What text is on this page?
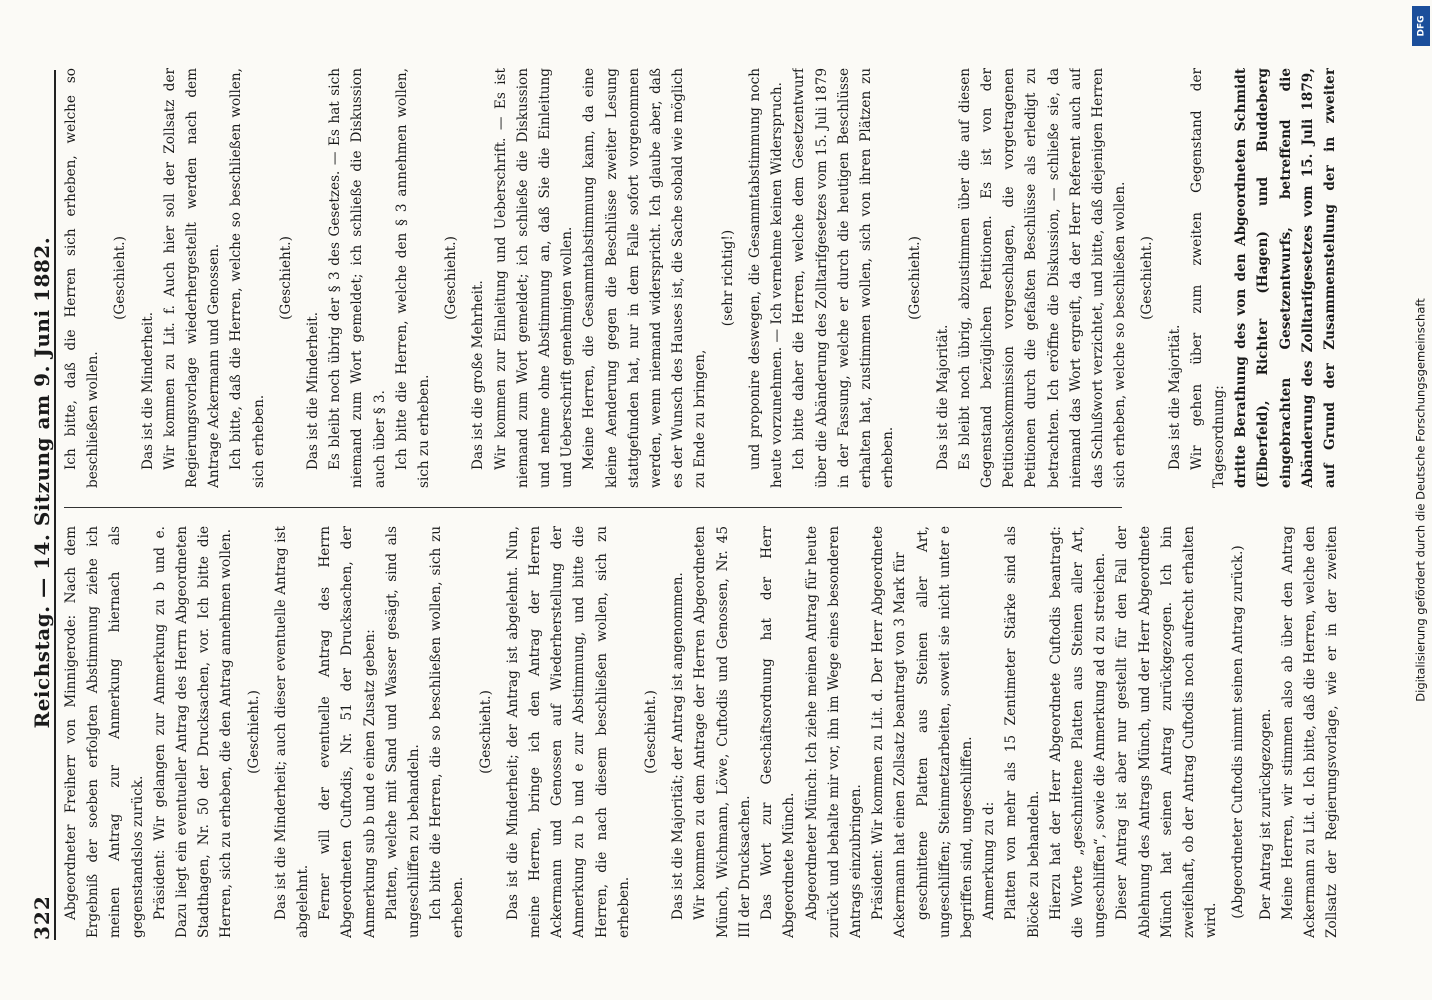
322
Reichstag. — 14. Sitzung am 9. Juni 1882. Abgeordneter Freiherr von Minnigerode: Nach dem Ergebniß der soeben erfolgten Abstimmung ziehe ich meinen Antrag zur Anmerkung hiernach als gegenstandslos zurück. Präsident: Wir gelangen zur Anmerkung zu b und e. Dazu liegt ein eventueller Antrag des Herrn Abgeordneten Stadthagen, Nr. 50 der Drucksachen, vor. Ich bitte die Herren, sich zu erheben, die den Antrag annehmen wollen. (Geschieht.) Das ist die Minderheit; auch dieser eventuelle Antrag ist abgelehnt. Ferner will der eventuelle Antrag des Herrn Abgeordneten Cuftodis, Nr. 51 der Drucksachen, der Anmerkung sub b und e einen Zusatz geben: Platten, welche mit Sand und Wasser gesägt, sind als ungeschliffen zu behandeln. Ich bitte die Herren, die so beschließen wollen, sich zu erheben.

(Geschieht.) Das ist die Minderheit; der Antrag ist abgelehnt. Nun, meine Herren, bringe ich den Antrag der Herren Ackermann und Genossen auf Wiederherstellung der Anmerkung zu b und e zur Abstimmung, und bitte die Herren, die nach diesem beschließen wollen, sich zu erheben.

(Geschieht.) Das ist die Majorität; der Antrag ist angenommen. Wir kommen zu dem Antrage der Herren Abgeordneten Münch, Wichmann, Löwe, Cuftodis und Genossen, Nr. 45 III der Drucksachen. Das Wort zur Geschäftsordnung hat der Herr Abgeordnete Münch. Abgeordneter Münch: Ich ziehe meinen Antrag für heute zurück und behalte mir vor, ihn im Wege eines besonderen Antrags einzubringen. Präsident: Wir kommen zu Lit. d. Der Herr Abgeordnete Ackermann hat einen Zollsatz beantragt von 3 Mark für geschnittene Platten aus Steinen aller Art, ungeschliffen; Steinmetzarbeiten, soweit sie nicht unter e begriffen sind, ungeschliffen. Anmerkung zu d: Platten von mehr als 15 Zentimeter Stärke sind als Blöcke zu behandeln. Hierzu hat der Herr Abgeordnete Cuftodis beantragt: die Worte „geschnittene Platten aus Steinen aller Art, ungeschliffen“, sowie die Anmerkung ad d zu streichen. Dieser Antrag ist aber nur gestellt für den Fall der Ablehnung des Antrags Münch, und der Herr Abgeordnete Münch hat seinen Antrag zurückgezogen. Ich bin zweifelhaft, ob der Antrag Cuftodis noch aufrecht erhalten wird.

(Abgeordneter Cuftodis nimmt seinen Antrag zurück.) Der Antrag ist zurückgezogen. Meine Herren, wir stimmen also ab über den Antrag Ackermann zu Lit. d. Ich bitte, daß die Herren, welche den Zollsatz der Regierungsvorlage, wie er in der zweiten

Ich bitte, daß die Herren sich erheben, welche so beschließen wollen.

(Geschieht.)

Das ist die Minderheit. Wir kommen zu Lit. f. Auch hier soll der Zollsatz der Regierungsvorlage wiederhergestellt werden nach dem Antrage Ackermann und Genossen. Ich bitte, daß die Herren, welche so beschließen wollen, sich erheben.

(Geschieht.)

Das ist die Minderheit. Es bleibt noch übrig der § 3 des Gesetzes. — Es hat sich niemand zum Wort gemeldet; ich schließe die Diskussion auch über § 3. Ich bitte die Herren, welche den § 3 annehmen wollen, sich zu erheben.

(Geschieht.)

Das ist die große Mehrheit. Wir kommen zur Einleitung und Ueberschrift. — Es ist niemand zum Wort gemeldet; ich schließe die Diskussion und nehme ohne Abstimmung an, daß Sie die Einleitung und Ueberschrift genehmigen wollen. Meine Herren, die Gesammtabstimmung kann, da eine kleine Aenderung gegen die Beschlüsse zweiter Lesung stattgefunden hat, nur in dem Falle sofort vorgenommen werden, wenn niemand widerspricht. Ich glaube aber, daß es der Wunsch des Hauses ist, die Sache sobald wie möglich zu Ende zu bringen,

(sehr richtig!) und proponire deswegen, die Gesammtabstimmung noch heute vorzunehmen. — Ich vernehme keinen Widerspruch. Ich bitte daher die Herren, welche dem Gesetzentwurf über die Abänderung des Zolltarifgesetzes vom 15. Juli 1879 in der Fassung, welche er durch die heutigen Beschlüsse erhalten hat, zustimmen wollen, sich von ihren Plätzen zu erheben.

(Geschieht.)

Das ist die Majorität. Es bleibt noch übrig, abzustimmen über die auf diesen Gegenstand bezüglichen Petitionen. Es ist von der Petitionskommission vorgeschlagen, die vorgetragenen Petitionen durch die gefaßten Beschlüsse als erledigt zu betrachten. Ich eröffne die Diskussion, — schließe sie, da niemand das Wort ergreift, da der Herr Referent auch auf das Schlußwort verzichtet, und bitte, daß diejenigen Herren sich erheben, welche so beschließen wollen. (Geschieht.)

Das ist die Majorität. Wir gehen über zum zweiten Gegenstand der Tagesordnung: dritte Berathung des von den Abgeordneten Schmidt (Elberfeld), Richter (Hagen) und Buddeberg eingebrachten Gesetzentwurfs, betreffend die Abänderung des Zolltarifgesetzes vom 15. Juli 1879, auf Grund der Zusammenstellung der in zweiter

Digitalisierung gefördert durch die Deutsche Forschungsgemeinschaft
DFG
